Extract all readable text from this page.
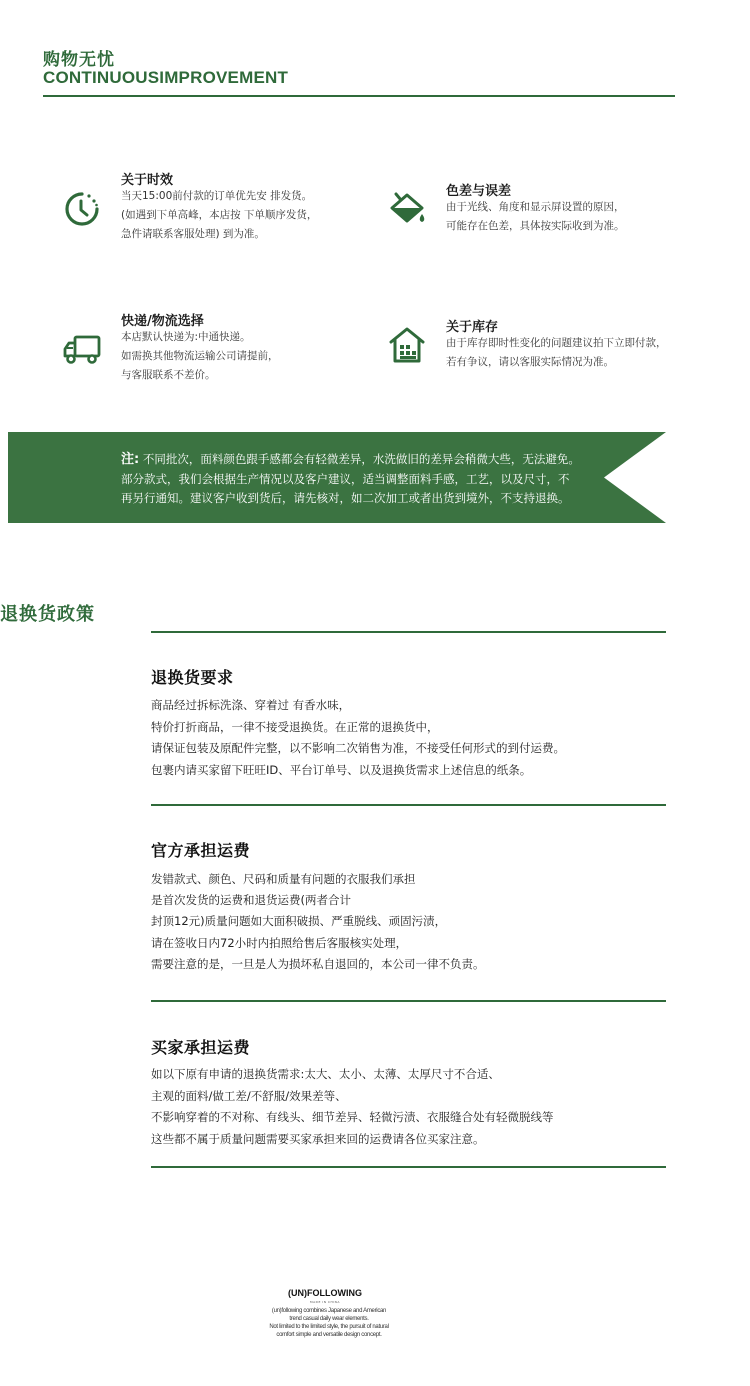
购物无忧
CONTINUOUSIMPROVEMENT
关于时效
当天15:00前付款的订单优先安 排发货。
(如遇到下单高峰，本店按 下单顺序发货，
急件请联系客服处理) 到为准。
色差与误差
由于光线、角度和显示屏设置的原因，
可能存在色差，具体按实际收到为准。
快递/物流选择
本店默认快递为:中通快递。
如需换其他物流运输公司请提前，
与客服联系不差价。
关于库存
由于库存即时性变化的问题建议拍下立即付款，
若有争议，请以客服实际情况为准。
注: 不同批次，面料颜色跟手感都会有轻微差异，水洗做旧的差异会稍微大些，无法避免。
部分款式，我们会根据生产情况以及客户建议，适当调整面料手感，工艺，以及尺寸，不
再另行通知。建议客户收到货后，请先核对，如二次加工或者出货到境外，不支持退换。
退换货政策
退换货要求
商品经过拆标洗涤、穿着过 有香水味，
特价打折商品，一律不接受退换货。在正常的退换货中，
请保证包装及原配件完整，以不影响二次销售为准，不接受任何形式的到付运费。
包裹内请买家留下旺旺ID、平台订单号、以及退换货需求上述信息的纸条。
官方承担运费
发错款式、颜色、尺码和质量有问题的衣服我们承担
是首次发货的运费和退货运费(两者合计
封顶12元)质量问题如大面积破损、严重脱线、顽固污渍，
请在签收日内72小时内拍照给售后客服核实处理，
需要注意的是，一旦是人为损坏私自退回的，本公司一律不负责。
买家承担运费
如以下原有申请的退换货需求:太大、太小、太薄、太厚尺寸不合适、
主观的面料/做工差/不舒服/效果差等、
不影响穿着的不对称、有线头、细节差异、轻微污渍、衣服缝合处有轻微脱线等
这些都不属于质量问题需要买家承担来回的运费请各位买家注意。
(UN)FOLLOWING
MADE IN CHINA
(un)following combines Japanese and American
trend casual daily wear elements.
Not limited to the limited style, the pursuit of natural
comfort simple and versatile design concept.
